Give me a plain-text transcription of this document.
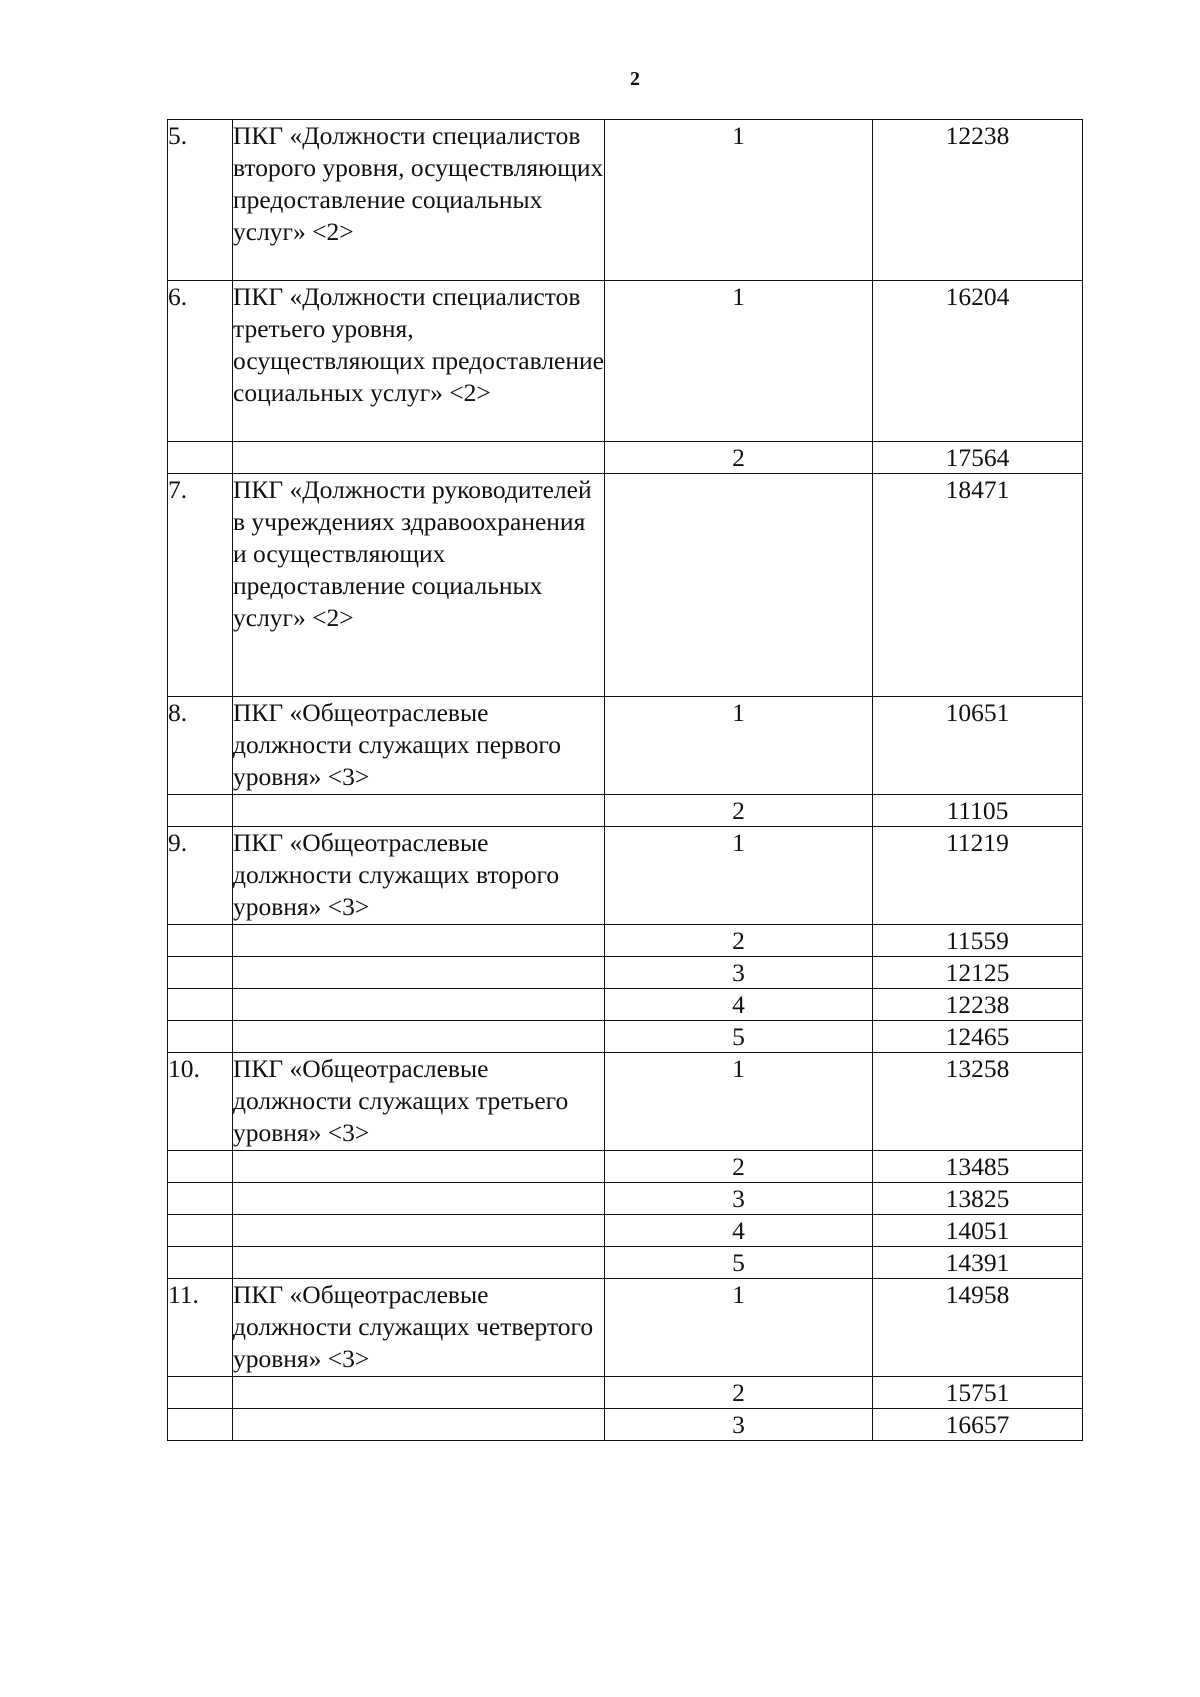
2
5.	ПКГ «Должности специалистов второго уровня, осуществляющих предоставление социальных услуг» <2>	1	12238
6.	ПКГ «Должности специалистов третьего уровня, осуществляющих предоставление социальных услуг» <2>	1	16204
		2	17564
7.	ПКГ «Должности руководителей в учреждениях здравоохранения и осуществляющих предоставление социальных услуг» <2>		18471
8.	ПКГ «Общеотраслевые должности служащих первого уровня» <3>	1	10651
		2	11105
9.	ПКГ «Общеотраслевые должности служащих второго уровня» <3>	1	11219
		2	11559
		3	12125
		4	12238
		5	12465
10.	ПКГ «Общеотраслевые должности служащих третьего уровня» <3>	1	13258
		2	13485
		3	13825
		4	14051
		5	14391
11.	ПКГ «Общеотраслевые должности служащих четвертого уровня» <3>	1	14958
		2	15751
		3	16657
